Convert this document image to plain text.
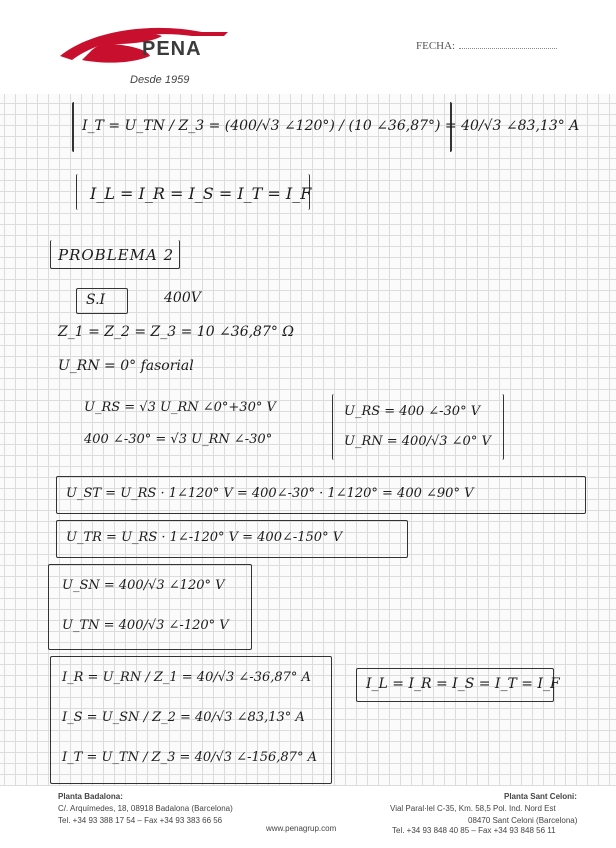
PENA
Desde 1959
FECHA:
I_T = U_TN / Z_3 = (400/√3 ∠120°) / (10 ∠36,87°) = 40/√3 ∠83,13° A
I_L = I_R = I_S = I_T = I_F
PROBLEMA 2
S.I	400V
Z_1 = Z_2 = Z_3 = 10 ∠36,87° Ω
U_RN = 0° fasorial
U_RS = √3 U_RN ∠0°+30° V
400 ∠-30° = √3 U_RN ∠-30°
U_RS = 400 ∠-30° V
U_RN = 400/√3 ∠0° V
U_ST = U_RS · 1∠120° V = 400∠-30° · 1∠120° = 400 ∠90° V
U_TR = U_RS · 1∠-120° V = 400∠-150° V
U_SN = 400/√3 ∠120° V
U_TN = 400/√3 ∠-120° V
I_R = U_RN / Z_1 = 40/√3 ∠-36,87° A
I_S = U_SN / Z_2 = 40/√3 ∠83,13° A
I_T = U_TN / Z_3 = 40/√3 ∠-156,87° A
I_L = I_R = I_S = I_T = I_F
Planta Badalona:
C/. Arquímedes, 18, 08918 Badalona (Barcelona)
Tel. +34 93 388 17 54 – Fax +34 93 383 66 56
www.penagrup.com
Planta Sant Celoni:
Vial Paral·lel C-35, Km. 58,5 Pol. Ind. Nord Est
08470 Sant Celoni (Barcelona)
Tel. +34 93 848 40 85 – Fax +34 93 848 56 11
